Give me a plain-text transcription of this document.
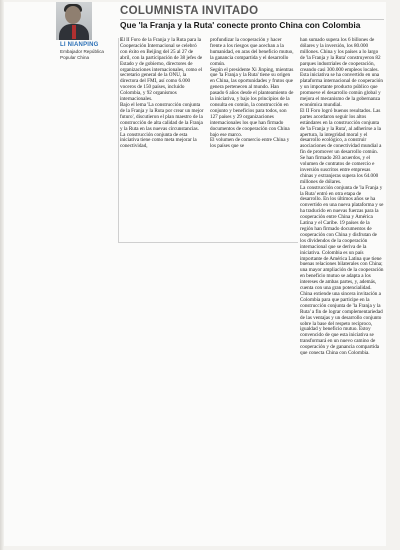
COLUMNISTA INVITADO
Que 'la Franja y la Ruta' conecte pronto China con Colombia
LI NIANPING
Embajador República
Popular China

El II Foro de la Franja y la Ruta para la Cooperación Internacional se celebró con éxito en Beijing del 25 al 27 de abril, con la participación de 38 jefes de Estado y de gobierno, directores de organizaciones internacionales, como el secretario general de la ONU, la directora del FMI, así como 6.000 voceros de 150 países, incluido Colombia, y 92 organismos internacionales.

Bajo el lema 'La construcción conjunta de la Franja y la Ruta por crear un mejor futuro', discutieron el plan maestro de la construcción de alta calidad de la Franja y la Ruta en las nuevas circunstancias. La construcción conjunta de esta iniciativa tiene como meta mejorar la conectividad,

profundizar la cooperación y hacer frente a los riesgos que acechan a la humanidad, en aras del beneficio mutuo, la ganancia compartida y el desarrollo común.

Según el presidente Xi Jinping, mientras que 'la Franja y la Ruta' tiene su origen en China, las oportunidades y frutos que genera pertenecen al mundo. Han pasado 6 años desde el planteamiento de la iniciativa, y bajo los principios de la consulta en común, la construcción en conjunto y beneficios para todos, son 127 países y 29 organizaciones internacionales los que han firmado documentos de cooperación con China bajo ese marco.

El volumen de comercio entre China y los países que se

han sumado supera los 6 billones de dólares y la inversión, los 80.000 millones. China y los países a lo largo de 'la Franja y la Ruta' construyeron 82 parques industriales de cooperación, creando casi 300.000 empleos locales. Esta iniciativa se ha convertido en una plataforma internacional de cooperación y un importante producto público que promueve el desarrollo común global y mejora el mecanismo de la gobernanza económica mundial.

El II Foro logró buenos resultados. Las partes acordaron seguir los altos estándares en la construcción conjunta de 'la Franja y la Ruta', al adherirse a la apertura, la integridad moral y el desarrollo ecológico, a construir asociaciones de conectividad mundial a fin de promover un desarrollo común. Se han firmado 283 acuerdos, y el volumen de contratos de comercio e inversión suscritos entre empresas chinas y extranjeras supera los 64.000 millones de dólares.

La construcción conjunta de 'la Franja y la Ruta' entró en otra etapa de desarrollo. En los últimos años se ha convertido en una nueva plataforma y se ha traducido en nuevas fuerzas para la cooperación entre China y América Latina y el Caribe. 19 países de la región han firmado documentos de cooperación con China y disfrutan de los dividendos de la cooperación internacional que se deriva de la iniciativa. Colombia es un país importante de América Latina que tiene buenas relaciones bilaterales con China; una mayor ampliación de la cooperación en beneficio mutuo se adapta a los intereses de ambas partes, y, además, cuenta con una gran potencialidad.

China extiende una sincera invitación a Colombia para que participe en la construcción conjunta de 'la Franja y la Ruta' a fin de lograr complementariedad de las ventajas y un desarrollo conjunto sobre la base del respeto recíproco, igualdad y beneficio mutuo. Estoy convencido de que esta iniciativa se transformará en un nuevo camino de cooperación y de ganancia compartida que conecta China con Colombia.
